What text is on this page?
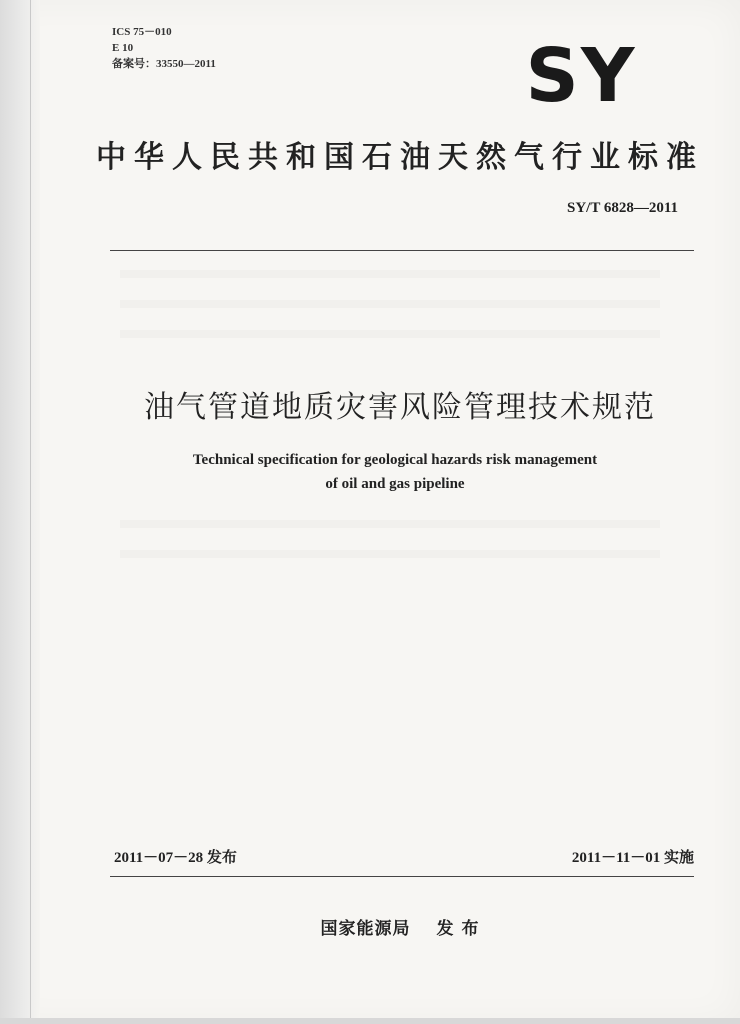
ICS 75－010
E 10
备案号：33550—2011	SY
中华人民共和国石油天然气行业标准
SY/T 6828—2011
油气管道地质灾害风险管理技术规范
Technical specification for geological hazards risk management
of oil and gas pipeline
2011－07－28 发布	2011－11－01 实施
国家能源局 发 布
